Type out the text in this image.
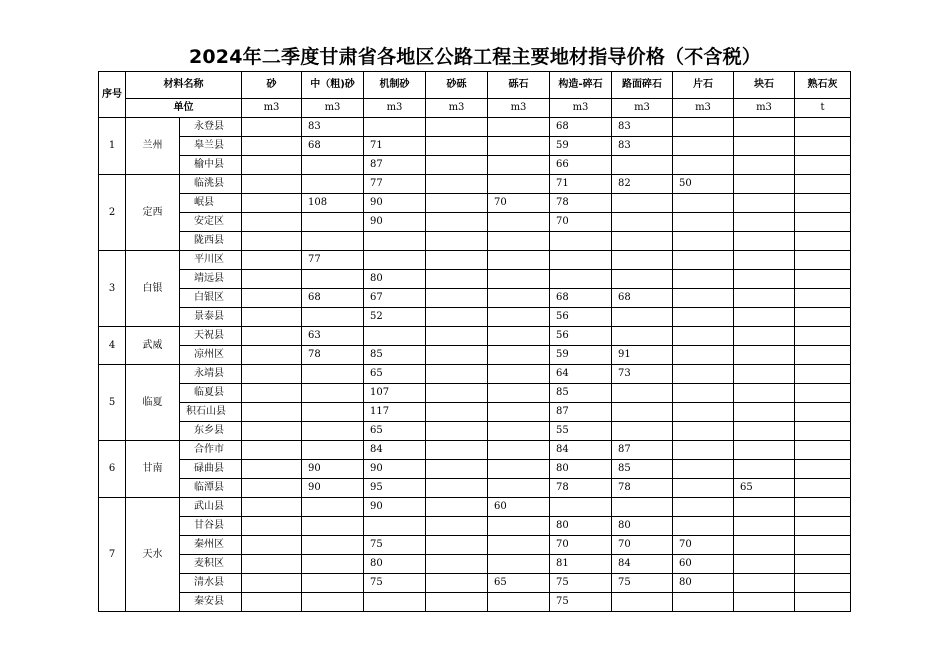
2024年二季度甘肃省各地区公路工程主要地材指导价格（不含税）
序号	材料名称		砂	中（粗)砂	机制砂	砂砾	砾石	构造-碎石	路面碎石	片石	块石	熟石灰
	单位		m3	m3	m3	m3	m3	m3	m3	m3	m3	t
1	兰州	永登县		83				68	83			
		皋兰县		68	71			59	83			
		榆中县			87			66				
2	定西	临洮县			77			71	82	50		
		岷县		108	90		70	78				
		安定区			90			70				
		陇西县										
3	白银	平川区		77								
		靖远县			80							
		白银区		68	67			68	68			
		景泰县			52			56				
4	武威	天祝县		63				56				
		凉州区		78	85			59	91			
5	临夏	永靖县			65			64	73			
		临夏县			107			85				
		积石山县			117			87				
		东乡县			65			55				
6	甘南	合作市			84			84	87			
		碌曲县		90	90			80	85			
		临潭县		90	95			78	78		65	
7	天水	武山县			90		60					
		甘谷县						80	80			
		秦州区			75			70	70	70		
		麦积区			80			81	84	60		
		清水县			75		65	75	75	80		
		秦安县						75				
